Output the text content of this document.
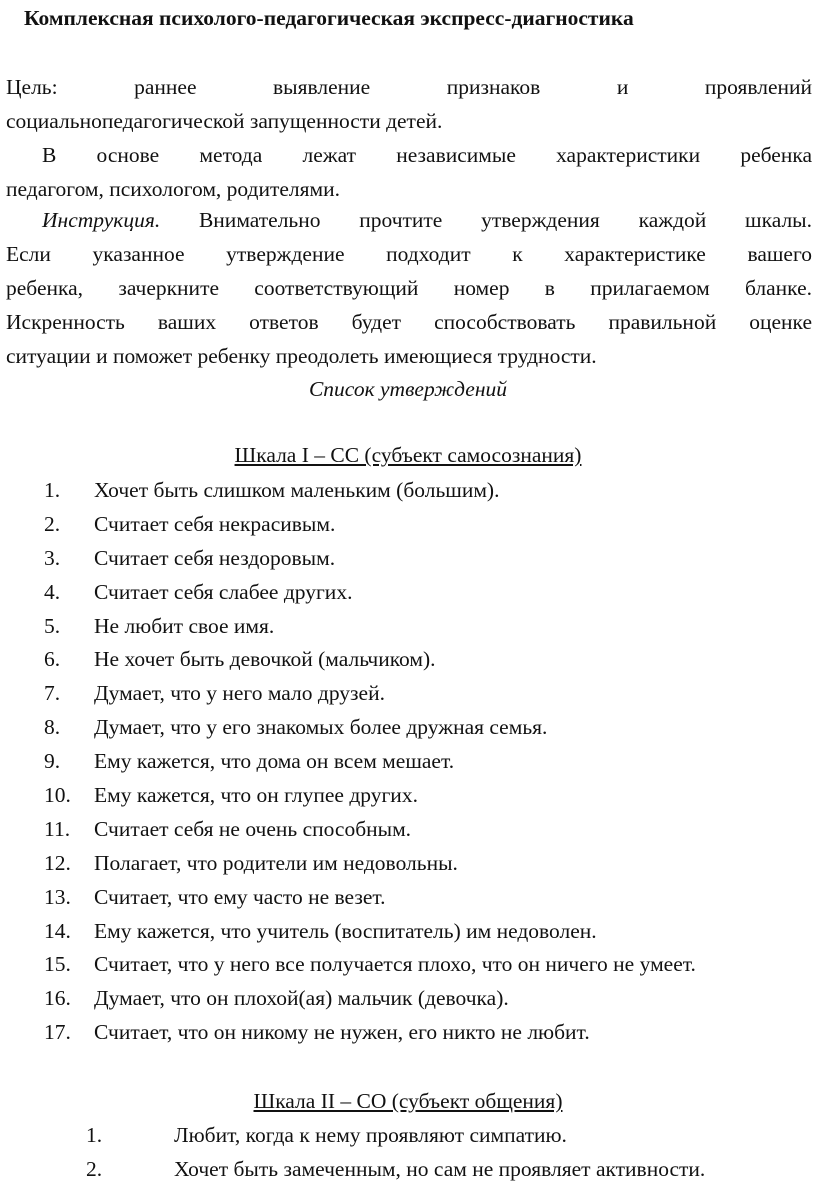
Комплексная психолого-педагогическая экспресс-диагностика
Цель:	раннее	выявление	признаков	и	проявлений
социальнопедагогической запущенности детей.
В основе метода лежат независимые характеристики ребенка
педагогом, психологом, родителями.
Инструкция. Внимательно прочтите утверждения каждой шкалы.
Если указанное утверждение подходит к характеристике вашего
ребенка, зачеркните соответствующий номер в прилагаемом бланке.
Искренность ваших ответов будет способствовать правильной оценке
ситуации и поможет ребенку преодолеть имеющиеся трудности.
Список утверждений
Шкала I – СС (субъект самосознания)
1.	Хочет быть слишком маленьким (большим).
2.	Считает себя некрасивым.
3.	Считает себя нездоровым.
4.	Считает себя слабее других.
5.	Не любит свое имя.
6.	Не хочет быть девочкой (мальчиком).
7.	Думает, что у него мало друзей.
8.	Думает, что у его знакомых более дружная семья.
9.	Ему кажется, что дома он всем мешает.
10.	Ему кажется, что он глупее других.
11.	Считает себя не очень способным.
12.	Полагает, что родители им недовольны.
13.	Считает, что ему часто не везет.
14.	Ему кажется, что учитель (воспитатель) им недоволен.
15.	Считает, что у него все получается плохо, что он ничего не умеет.
16.	Думает, что он плохой(ая) мальчик (девочка).
17.	Считает, что он никому не нужен, его никто не любит.
Шкала II – СО (субъект общения)
1.	Любит, когда к нему проявляют симпатию.
2.	Хочет быть замеченным, но сам не проявляет активности.
